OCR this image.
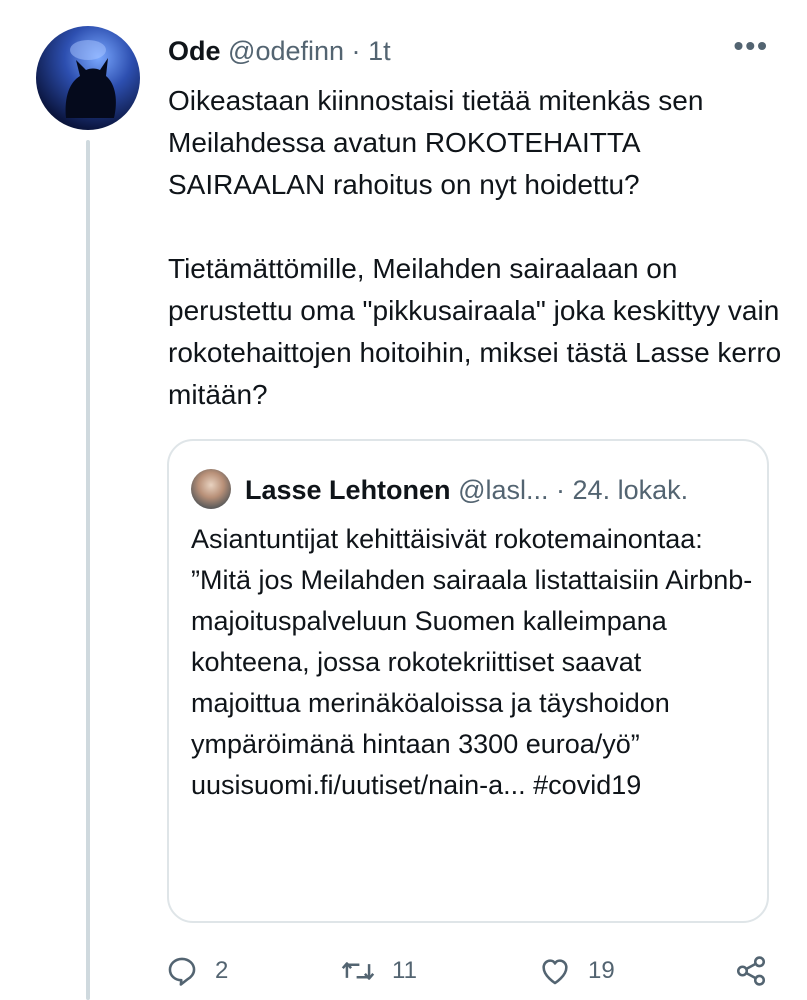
Ode @odefinn · 1t	•••

Oikeastaan kiinnostaisi tietää mitenkäs sen Meilahdessa avatun ROKOTEHAITTA SAIRAALAN rahoitus on nyt hoidettu?

Tietämättömille, Meilahden sairaalaan on perustettu oma "pikkusairaala" joka keskittyy vain rokotehaittojen hoitoihin, miksei tästä Lasse kerro mitään?

Lasse Lehtonen @lasl... · 24. lokak.
Asiantuntijat kehittäisivät rokotemainontaa: ”Mitä jos Meilahden sairaala listattaisiin Airbnb-majoituspalveluun Suomen kalleimpana kohteena, jossa rokotekriittiset saavat majoittua merinäköaloissa ja täyshoidon ympäröimänä hintaan 3300 euroa/yö” uusisuomi.fi/uutiset/nain-a... #covid19
2	11	19
